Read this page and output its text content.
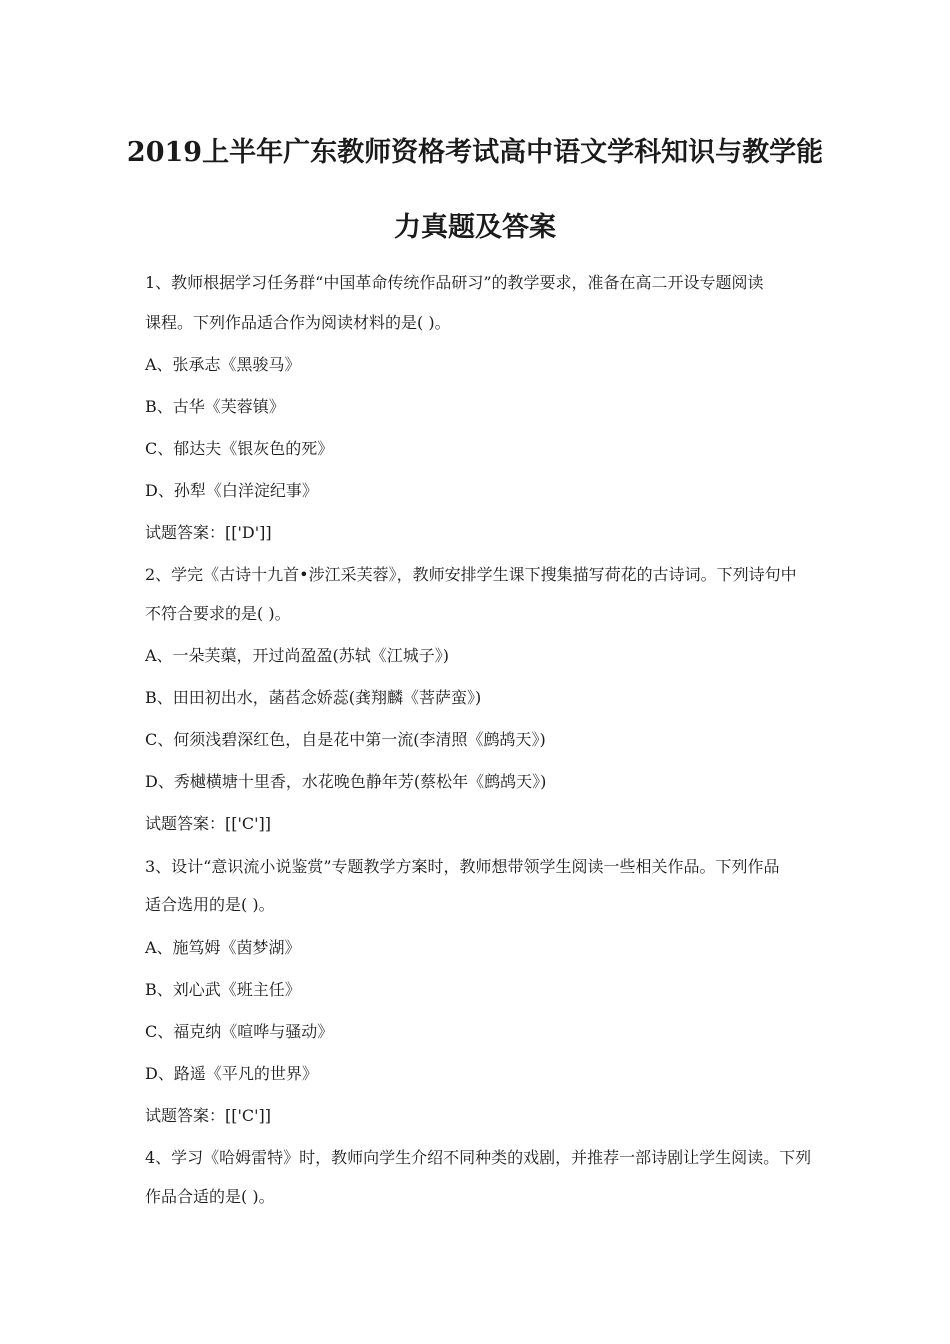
2019上半年广东教师资格考试高中语文学科知识与教学能
力真题及答案
1、教师根据学习任务群“中国革命传统作品研习”的教学要求，准备在高二开设专题阅读
课程。下列作品适合作为阅读材料的是( )。
A、张承志《黑骏马》
B、古华《芙蓉镇》
C、郁达夫《银灰色的死》
D、孙犁《白洋淀纪事》
试题答案：[['D']]
2、学完《古诗十九首•涉江采芙蓉》，教师安排学生课下搜集描写荷花的古诗词。下列诗句中
不符合要求的是( )。
A、一朵芙蕖，开过尚盈盈(苏轼《江城子》)
B、田田初出水，菡萏念娇蕊(龚翔麟《菩萨蛮》)
C、何须浅碧深红色，自是花中第一流(李清照《鹧鸪天》)
D、秀樾横塘十里香，水花晚色静年芳(蔡松年《鹧鸪天》)
试题答案：[['C']]
3、设计“意识流小说鉴赏”专题教学方案时，教师想带领学生阅读一些相关作品。下列作品
适合选用的是( )。
A、施笃姆《茵梦湖》
B、刘心武《班主任》
C、福克纳《喧哗与骚动》
D、路遥《平凡的世界》
试题答案：[['C']]
4、学习《哈姆雷特》时，教师向学生介绍不同种类的戏剧，并推荐一部诗剧让学生阅读。下列
作品合适的是( )。
